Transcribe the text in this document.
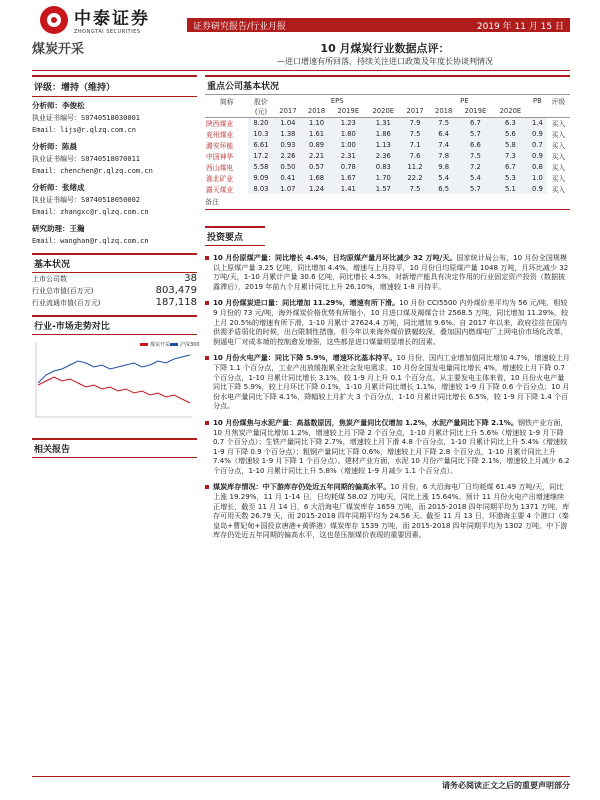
中泰证券
ZHONGTAI SECURITIES
证券研究报告/行业月报	2019 年 11 月 15 日
煤炭开采	10 月煤炭行业数据点评：
—进口增速有所回落，持续关注进口政策及年度长协谈判情况
评级：增持（维持）
分析师：李俊松
执业证书编号：S0740518030001
Email：lijs@r.qlzq.com.cn
分析师：陈晨
执业证书编号：S0740518070011
Email：chenchen@r.qlzq.com.cn
分析师：张绪成
执业证书编号：S0740518050002
Email：zhangxc@r.qlzq.com.cn
研究助理：王瀚
Email：wanghan@r.qlzq.com.cn
基本状况
上市公司数	38
行业总市值(百万元)	803,479
行业流通市值(百万元)	187,118
行业-市场走势对比
煤炭开采 沪深300
相关报告
重点公司基本状况
简称	股价	EPS				PE				PB	评级
	(元)	2017	2018	2019E	2020E	2017	2018	2019E	2020E		
陕西煤业	8.20	1.04	1.10	1.23	1.31	7.9	7.5	6.7	6.3	1.4	买入
兖州煤业	10.3	1.38	1.61	1.80	1.86	7.5	6.4	5.7	5.6	0.9	买入
潞安环能	6.61	0.93	0.89	1.00	1.13	7.1	7.4	6.6	5.8	0.7	买入
中国神华	17.2	2.26	2.21	2.31	2.36	7.6	7.8	7.5	7.3	0.9	买入
西山煤电	5.58	0.50	0.57	0.78	0.83	11.2	9.8	7.2	6.7	0.8	买入
淮北矿业	9.09	0.41	1.68	1.67	1.70	22.2	5.4	5.4	5.3	1.0	买入
露天煤业	8.03	1.07	1.24	1.41	1.57	7.5	6.5	5.7	5.1	0.9	买入
备注
投资要点
10 月份原煤产量：同比增长 4.4%，日均原煤产量月环比减少 32 万吨/天。国家统计局公布，10 月份全国规模以上原煤产量 3.25 亿吨，同比增加 4.4%，增速与上月持平，10 月份日均原煤产量 1048 万吨，月环比减少 32 万吨/天，1-10 月累计产量 30.6 亿吨，同比增长 4.5%，对新增产能具有决定作用的行业固定资产投资（数据披露滞后），2019 年前九个月累计同比上升 26.10%，增速较 1-8 月持平。
10 月份煤炭进口量：同比增加 11.29%，增速有所下滑。10 月份 CCI5500 内外煤价差平均为 56 元/吨，相较 9 月份的 73 元/吨，海外煤炭价格优势有所缩小，10 月进口煤及褐煤合计 2568.5 万吨，同比增加 11.29%，较上月 20.5%的增速有所下滑，1-10 月累计 27624.4 万吨，同比增加 9.6%。自 2017 年以来，政府往往在国内供需矛盾弱化的时候，出台限制性措施，但今年以来海外煤价跌幅较深，叠加国内燃煤电厂上网电价市场化改革，倒逼电厂对成本端的控制愈发增强，这些都是进口煤量明显增长的因素。
10 月份火电产量：同比下降 5.9%，增速环比基本持平。10 月份，国内工业增加值同比增加 4.7%，增速较上月下降 1.1 个百分点，工业产出放缓拖累全社会发电需求，10 月份全国发电量同比增长 4%，增速较上月下降 0.7 个百分点，1-10 月累计同比增长 3.1%，较 1-9 月上升 0.1 个百分点。从主要发电主体来看，10 月份火电产量同比下降 5.9%，较上月环比下降 0.1%，1-10 月累计同比增长 1.1%，增速较 1-9 月下降 0.6 个百分点；10 月份水电产量同比下降 4.1%，降幅较上月扩大 3 个百分点，1-10 月累计同比增长 6.5%，较 1-9 月下降 1.4 个百分点。
10 月份煤焦与水泥产量：高基数原因，焦炭产量同比仅增加 1.2%，水泥产量同比下降 2.1%。钢铁产业方面，10 月焦炭产量同比增加 1.2%，增速较上月下降 2 个百分点，1-10 月累计同比上升 5.6%（增速较 1-9 月下降 0.7 个百分点）；生铁产量同比下降 2.7%，增速较上月下滑 4.8 个百分点，1-10 月累计同比上升 5.4%（增速较 1-9 月下降 0.9 个百分点）；粗钢产量同比下降 0.6%，增速较上月下降 2.8 个百分点，1-10 月累计同比上升 7.4%（增速较 1-9 月下降 1 个百分点）。建材产业方面，水泥 10 月份产量同比下降 2.1%，增速较上月减少 6.2 个百分点，1-10 月累计同比上升 5.8%（增速较 1-9 月减少 1.1 个百分点）。
煤炭库存情况：中下游库存仍处近五年同期的偏高水平。10 月份，6 大沿海电厂日均耗煤 61.49 万吨/天，同比上涨 19.29%，11 月 1-14 日，日均耗煤 58.02 万吨/天，同比上涨 15.64%。预计 11 月份火电产出增速继续正增长，截至 11 月 14 日，6 大沿海电厂煤炭库存 1659 万吨，而 2015-2018 四年同期平均为 1371 万吨，库存可用天数 26.79 天，而 2015-2018 四年同期平均为 24.56 天。截至 11 月 13 日，环渤海主要 4 个港口（秦皇岛+曹妃甸+国投京唐港+黄骅港）煤炭库存 1539 万吨，而 2015-2018 四年同期平均为 1302 万吨。中下游库存仍处近五年同期的偏高水平，这也是压制煤价表现的重要因素。
请务必阅读正文之后的重要声明部分
